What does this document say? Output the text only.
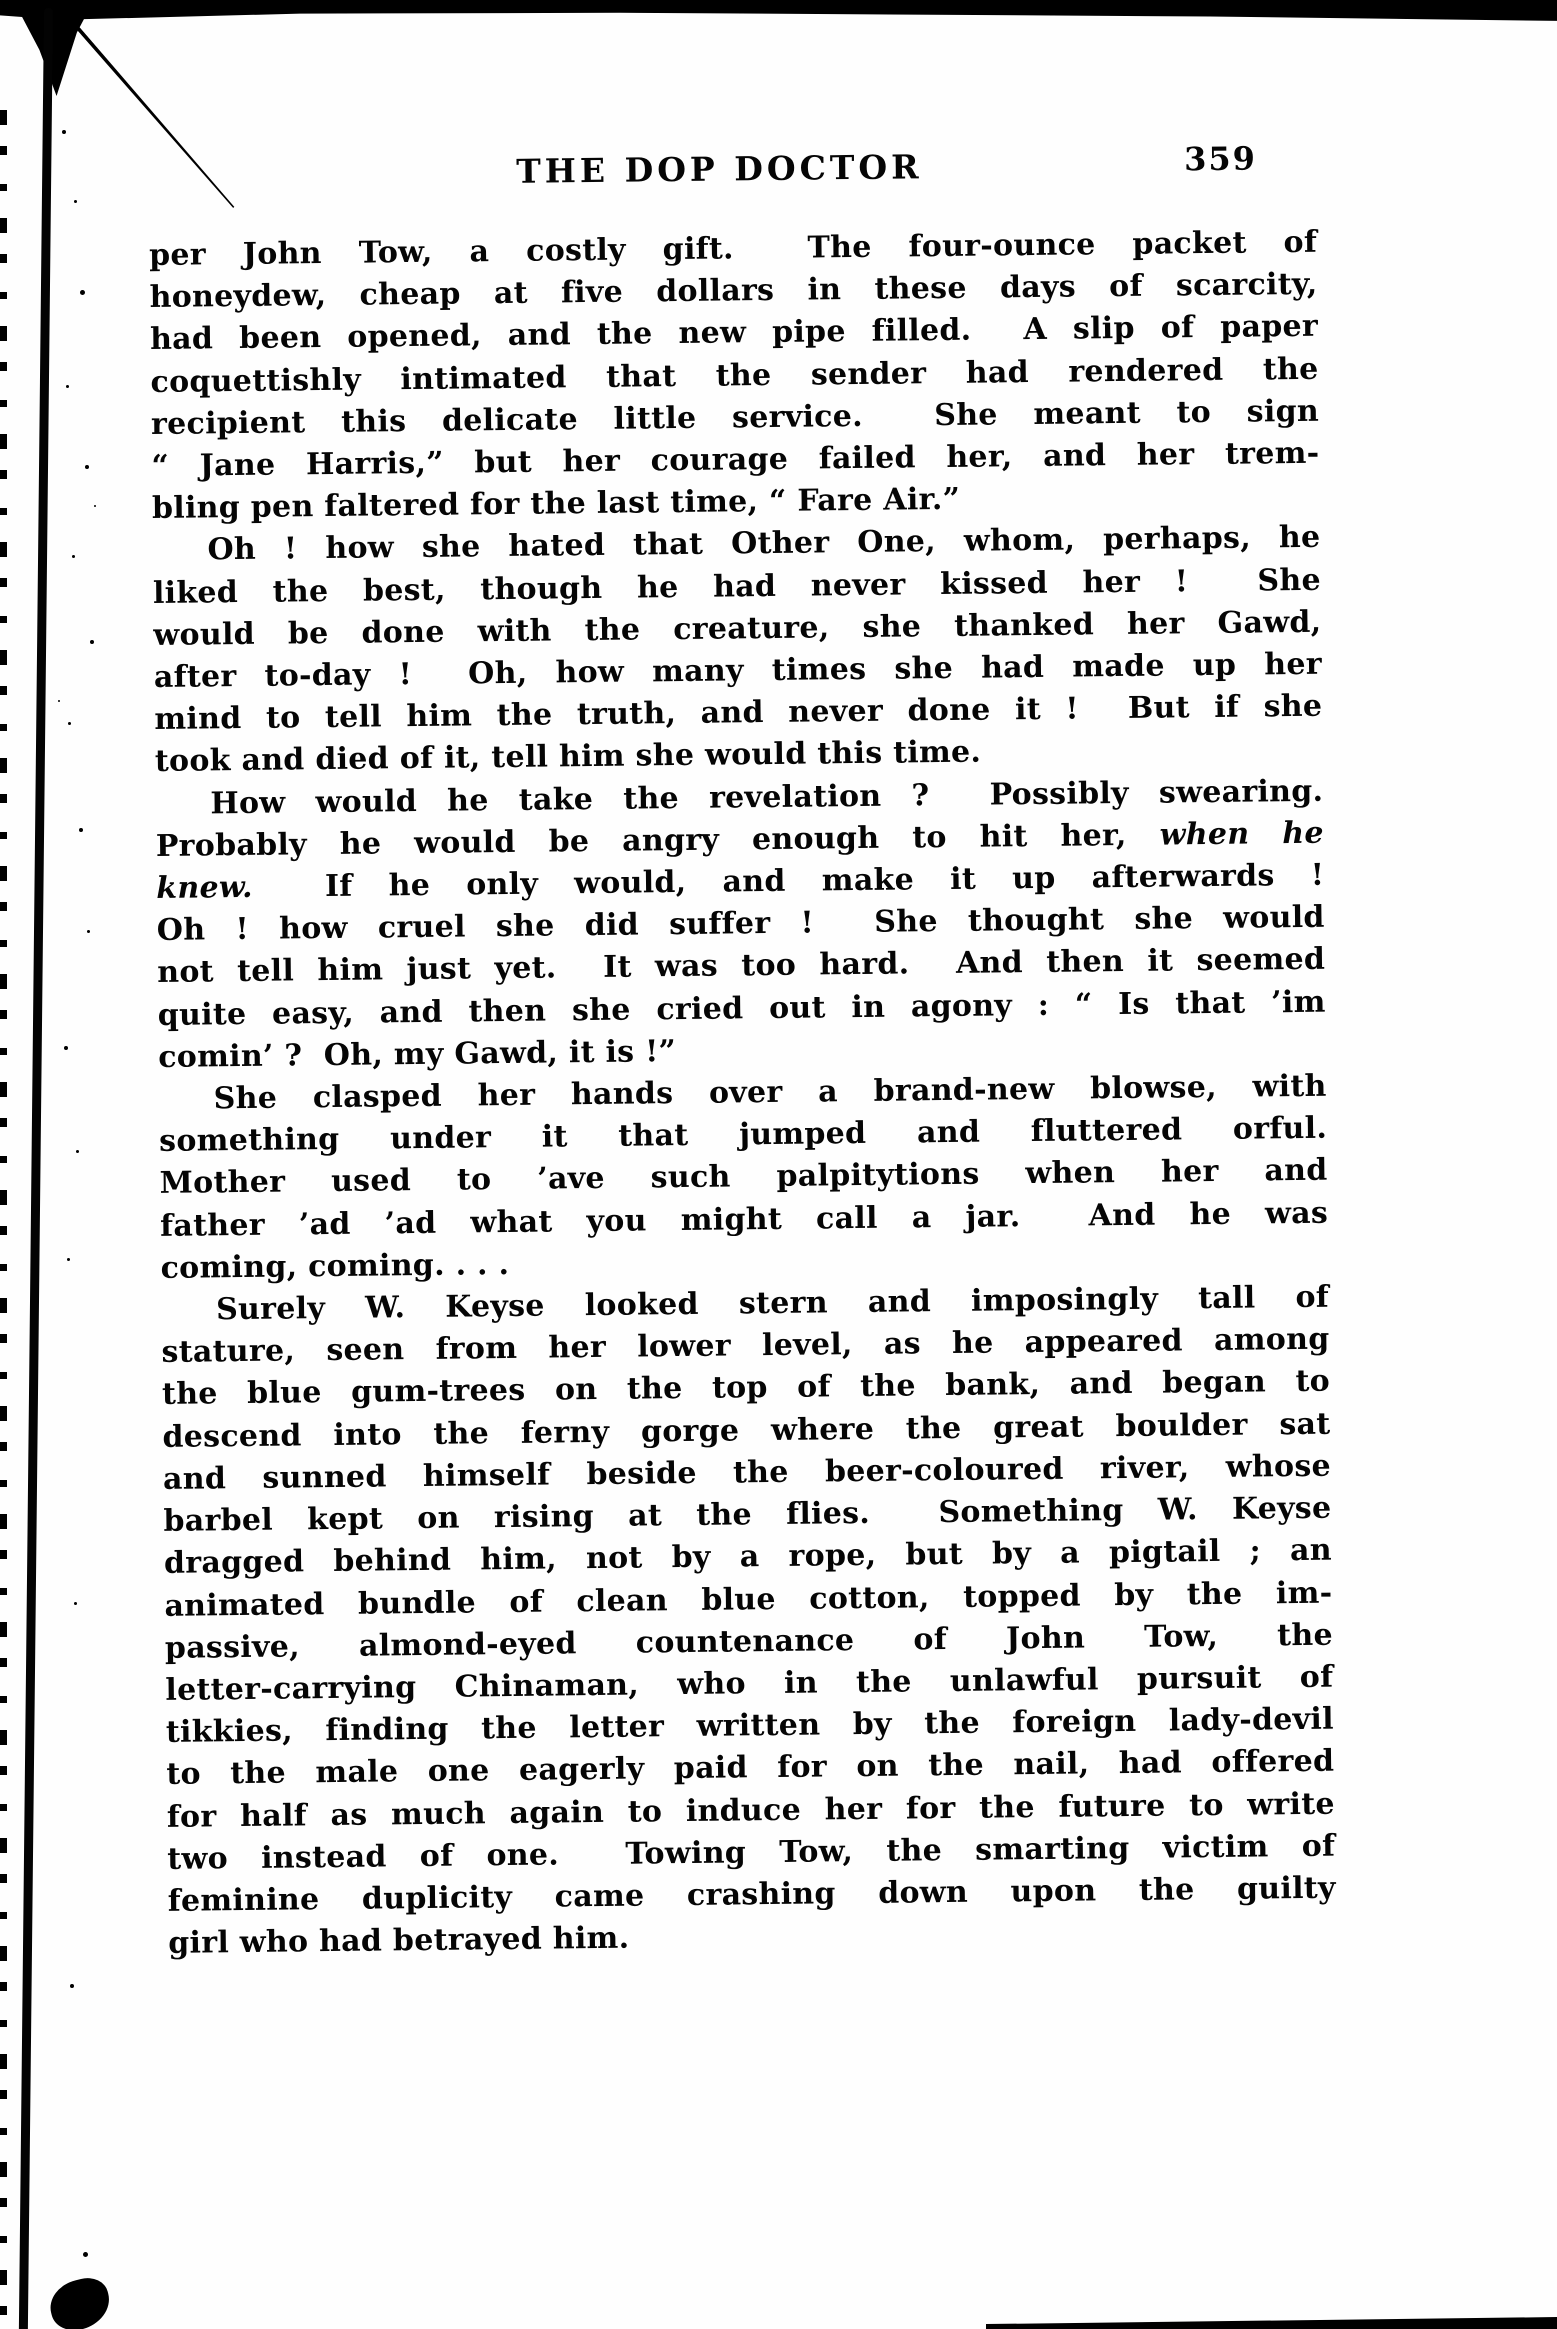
THE DOP DOCTOR	359
per John Tow, a costly gift.  The four-ounce packet of
honeydew, cheap at five dollars in these days of scarcity,
had been opened, and the new pipe filled.  A slip of paper
coquettishly intimated that the sender had rendered the
recipient this delicate little service.  She meant to sign
“ Jane Harris,” but her courage failed her, and her trem-
bling pen faltered for the last time, “ Fare Air.”
Oh ! how she hated that Other One, whom, perhaps, he
liked the best, though he had never kissed her !  She
would be done with the creature, she thanked her Gawd,
after to-day !  Oh, how many times she had made up her
mind to tell him the truth, and never done it !  But if she
took and died of it, tell him she would this time.
How would he take the revelation ?  Possibly swearing.
Probably he would be angry enough to hit her, when he
knew.  If he only would, and make it up afterwards !
Oh ! how cruel she did suffer !  She thought she would
not tell him just yet.  It was too hard.  And then it seemed
quite easy, and then she cried out in agony : “ Is that ’im
comin’ ?  Oh, my Gawd, it is !”
She clasped her hands over a brand-new blowse, with
something under it that jumped and fluttered orful.
Mother used to ’ave such palpitytions when her and
father ’ad ’ad what you might call a jar.  And he was
coming, coming. . . .
Surely W. Keyse looked stern and imposingly tall of
stature, seen from her lower level, as he appeared among
the blue gum-trees on the top of the bank, and began to
descend into the ferny gorge where the great boulder sat
and sunned himself beside the beer-coloured river, whose
barbel kept on rising at the flies.  Something W. Keyse
dragged behind him, not by a rope, but by a pigtail ; an
animated bundle of clean blue cotton, topped by the im-
passive, almond-eyed countenance of John Tow, the
letter-carrying Chinaman, who in the unlawful pursuit of
tikkies, finding the letter written by the foreign lady-devil
to the male one eagerly paid for on the nail, had offered
for half as much again to induce her for the future to write
two instead of one.  Towing Tow, the smarting victim of
feminine duplicity came crashing down upon the guilty
girl who had betrayed him.
